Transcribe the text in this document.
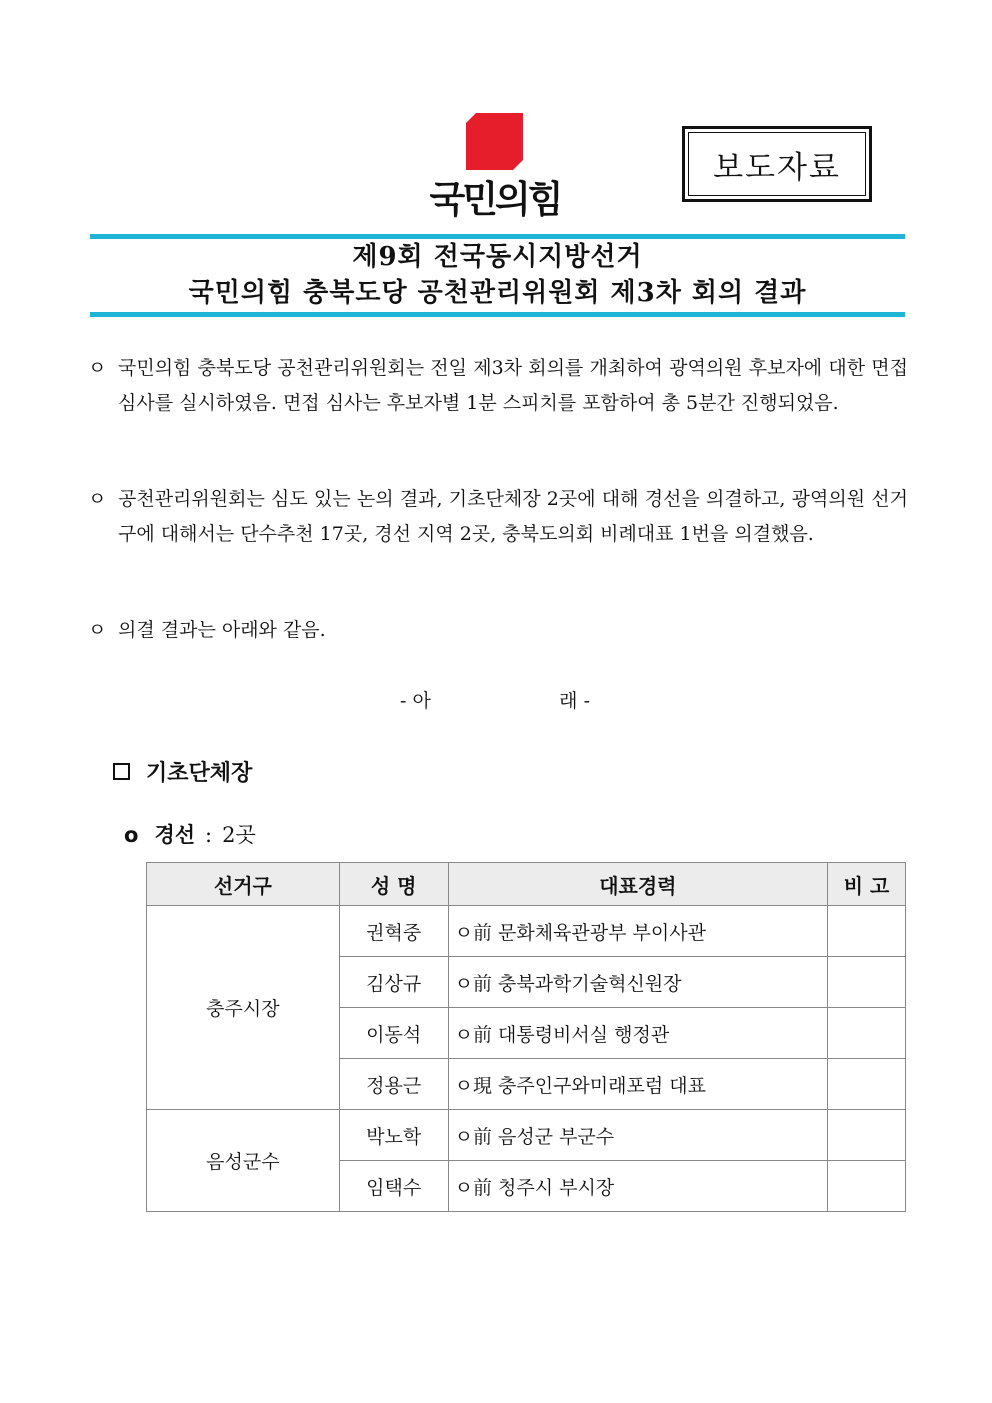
국민의힘
보도자료
제9회 전국동시지방선거
국민의힘 충북도당 공천관리위원회 제3차 회의 결과
ㅇ 국민의힘 충북도당 공천관리위원회는 전일 제3차 회의를 개최하여 광역의원 후보자에 대한 면접 심사를 실시하였음. 면접 심사는 후보자별 1분 스피치를 포함하여 총 5분간 진행되었음.
ㅇ 공천관리위원회는 심도 있는 논의 결과, 기초단체장 2곳에 대해 경선을 의결하고, 광역의원 선거구에 대해서는 단수추천 17곳, 경선 지역 2곳, 충북도의회 비례대표 1번을 의결했음.
ㅇ 의결 결과는 아래와 같음.
- 아	래 -
기초단체장
o 경선 : 2곳
선거구	성 명	대표경력	비 고
충주시장	권혁중	ㅇ前 문화체육관광부 부이사관	
	김상규	ㅇ前 충북과학기술혁신원장	
	이동석	ㅇ前 대통령비서실 행정관	
	정용근	ㅇ現 충주인구와미래포럼 대표	
음성군수	박노학	ㅇ前 음성군 부군수	
	임택수	ㅇ前 청주시 부시장	
